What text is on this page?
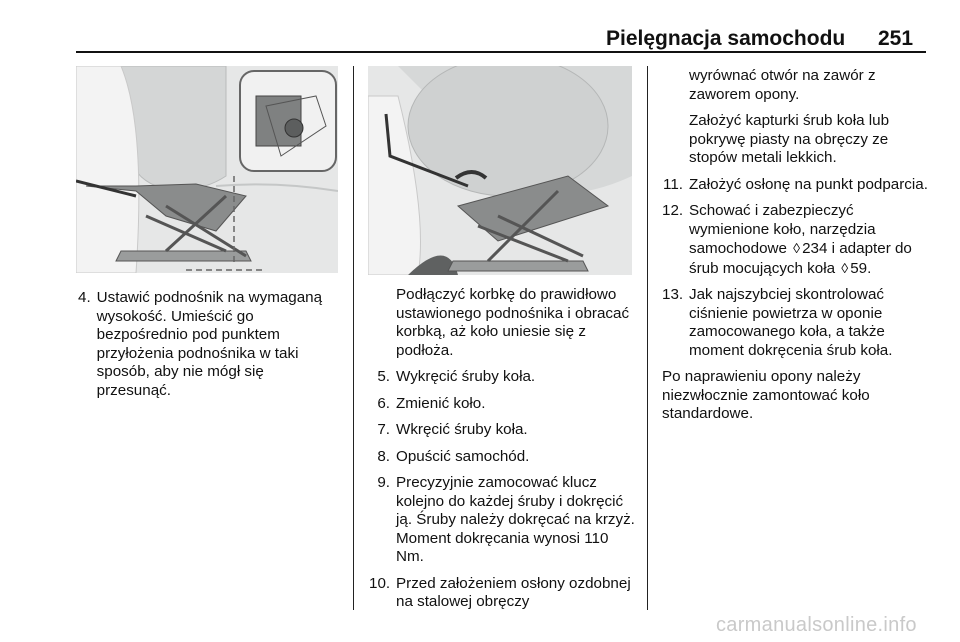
Pielęgnacja samochodu 251
4. Ustawić podnośnik na wymaganą wysokość. Umieścić go bezpośrednio pod punktem przyłożenia podnośnika w taki sposób, aby nie mógł się przesunąć.
Podłączyć korbkę do prawidłowo ustawionego podnośnika i obracać korbką, aż koło uniesie się z podłoża.
5. Wykręcić śruby koła.
6. Zmienić koło.
7. Wkręcić śruby koła.
8. Opuścić samochód.
9. Precyzyjnie zamocować klucz kolejno do każdej śruby i dokręcić ją. Śruby należy dokręcać na krzyż. Moment dokręcania wynosi 110 Nm.
10. Przed założeniem osłony ozdobnej na stalowej obręczy
wyrównać otwór na zawór z zaworem opony.
Założyć kapturki śrub koła lub pokrywę piasty na obręczy ze stopów metali lekkich.
11. Założyć osłonę na punkt podparcia.
12. Schować i zabezpieczyć wymienione koło, narzędzia samochodowe ◊ 234 i adapter do śrub mocujących koła ◊ 59.
13. Jak najszybciej skontrolować ciśnienie powietrza w oponie zamocowanego koła, a także moment dokręcenia śrub koła.
Po naprawieniu opony należy niezwłocznie zamontować koło standardowe.
carmanualsonline.info
